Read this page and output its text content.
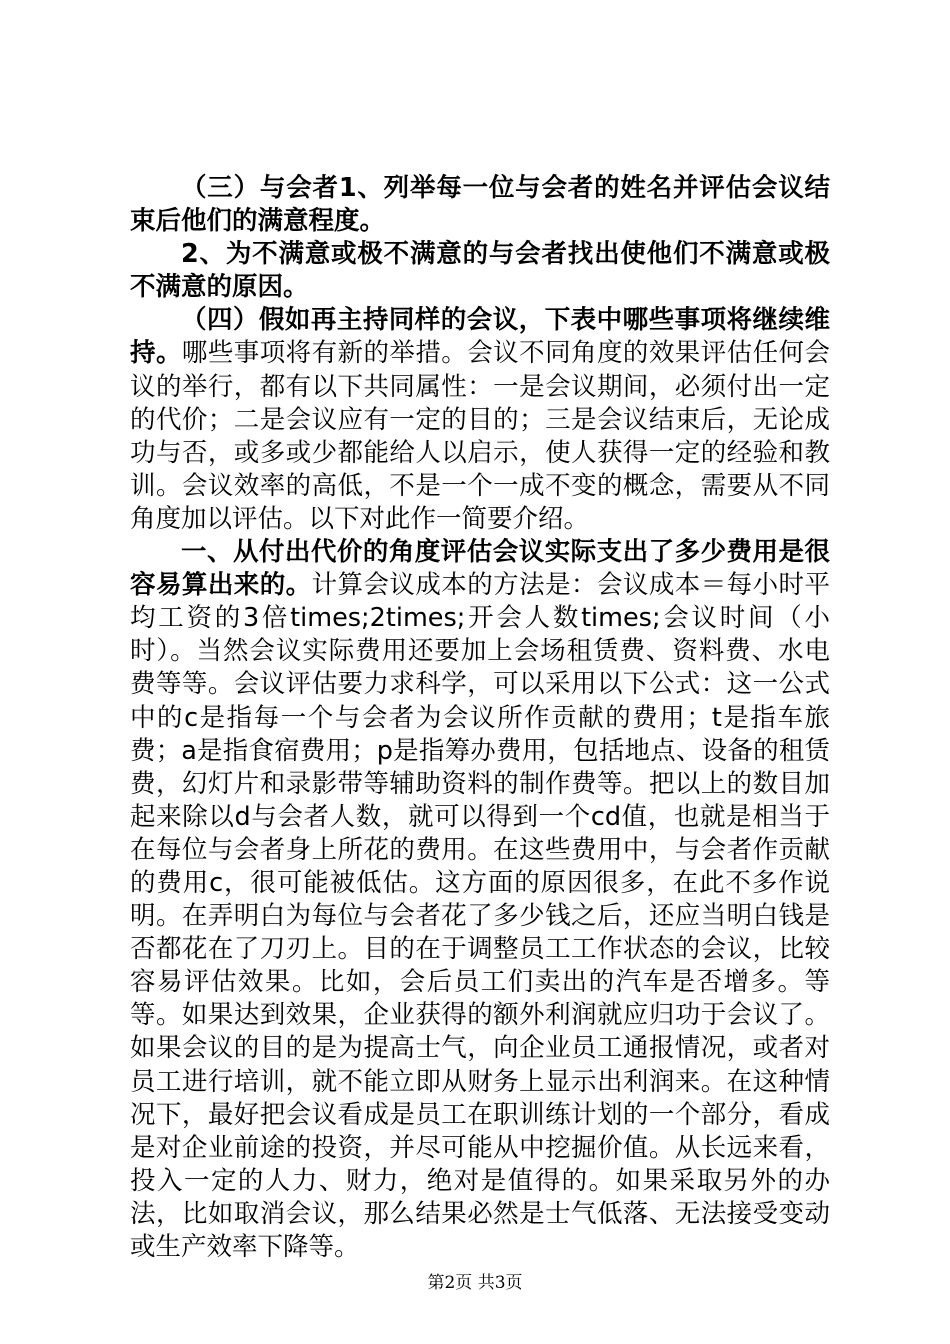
（三）与会者1、列举每一位与会者的姓名并评估会议结束后他们的满意程度。

2、为不满意或极不满意的与会者找出使他们不满意或极不满意的原因。

（四）假如再主持同样的会议，下表中哪些事项将继续维持。哪些事项将有新的举措。会议不同角度的效果评估任何会议的举行，都有以下共同属性：一是会议期间，必须付出一定的代价；二是会议应有一定的目的；三是会议结束后，无论成功与否，或多或少都能给人以启示，使人获得一定的经验和教训。会议效率的高低，不是一个一成不变的概念，需要从不同角度加以评估。以下对此作一简要介绍。

一、从付出代价的角度评估会议实际支出了多少费用是很容易算出来的。计算会议成本的方法是：会议成本＝每小时平均工资的3倍times;2times;开会人数times;会议时间（小时）。当然会议实际费用还要加上会场租赁费、资料费、水电费等等。会议评估要力求科学，可以采用以下公式：这一公式中的c是指每一个与会者为会议所作贡献的费用；t是指车旅费；a是指食宿费用；p是指筹办费用，包括地点、设备的租赁费，幻灯片和录影带等辅助资料的制作费等。把以上的数目加起来除以d与会者人数，就可以得到一个cd值，也就是相当于在每位与会者身上所花的费用。在这些费用中，与会者作贡献的费用c，很可能被低估。这方面的原因很多，在此不多作说明。在弄明白为每位与会者花了多少钱之后，还应当明白钱是否都花在了刀刃上。目的在于调整员工工作状态的会议，比较容易评估效果。比如，会后员工们卖出的汽车是否增多。等等。如果达到效果，企业获得的额外利润就应归功于会议了。如果会议的目的是为提高士气，向企业员工通报情况，或者对员工进行培训，就不能立即从财务上显示出利润来。在这种情况下，最好把会议看成是员工在职训练计划的一个部分，看成是对企业前途的投资，并尽可能从中挖掘价值。从长远来看，投入一定的人力、财力，绝对是值得的。如果采取另外的办法，比如取消会议，那么结果必然是士气低落、无法接受变动或生产效率下降等。

第2页 共3页
